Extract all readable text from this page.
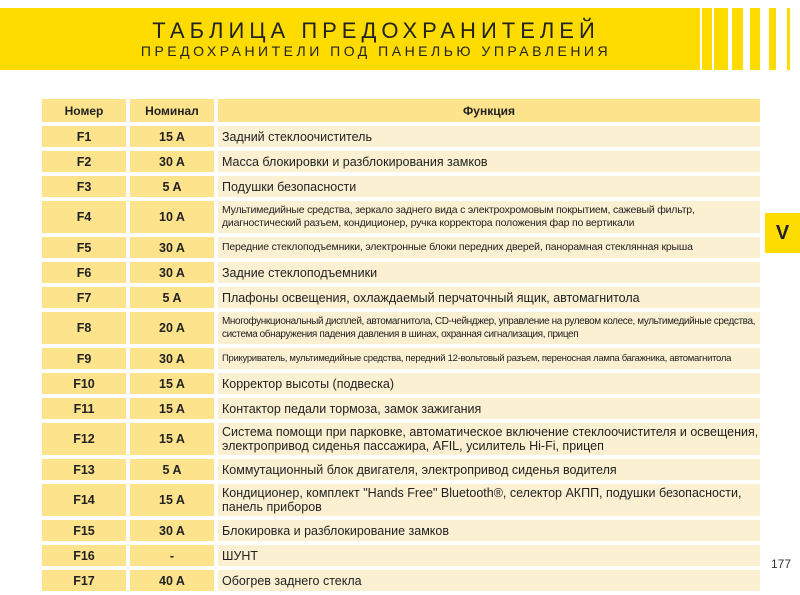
ТАБЛИЦА ПРЕДОХРАНИТЕЛЕЙ
ПРЕДОХРАНИТЕЛИ ПОД ПАНЕЛЬЮ УПРАВЛЕНИЯ
Номер	Номинал	Функция
F1	15 A	Задний стеклоочиститель
F2	30 A	Масса блокировки и разблокирования замков
F3	5 A	Подушки безопасности
F4	10 A	Мультимедийные средства, зеркало заднего вида с электрохромовым покрытием, сажевый фильтр, диагностический разъем, кондиционер, ручка корректора положения фар по вертикали
F5	30 A	Передние стеклоподъемники, электронные блоки передних дверей, панорамная стеклянная крыша
F6	30 A	Задние стеклоподъемники
F7	5 A	Плафоны освещения, охлаждаемый перчаточный ящик, автомагнитола
F8	20 A	Многофункциональный дисплей, автомагнитола, CD-чейнджер, управление на рулевом колесе, мультимедийные средства, система обнаружения падения давления в шинах, охранная сигнализация, прицеп
F9	30 A	Прикуриватель, мультимедийные средства, передний 12-вольтовый разъем, переносная лампа багажника, автомагнитола
F10	15 A	Корректор высоты (подвеска)
F11	15 A	Контактор педали тормоза, замок зажигания
F12	15 A	Система помощи при парковке, автоматическое включение стеклоочистителя и освещения, электропривод сиденья пассажира, AFIL, усилитель Hi-Fi, прицеп
F13	5 A	Коммутационный блок двигателя, электропривод сиденья водителя
F14	15 A	Кондиционер, комплект "Hands Free" Bluetooth®, селектор АКПП, подушки безопасности, панель приборов
F15	30 A	Блокировка и разблокирование замков
F16	-	ШУНТ
F17	40 A	Обогрев заднего стекла
V
177
